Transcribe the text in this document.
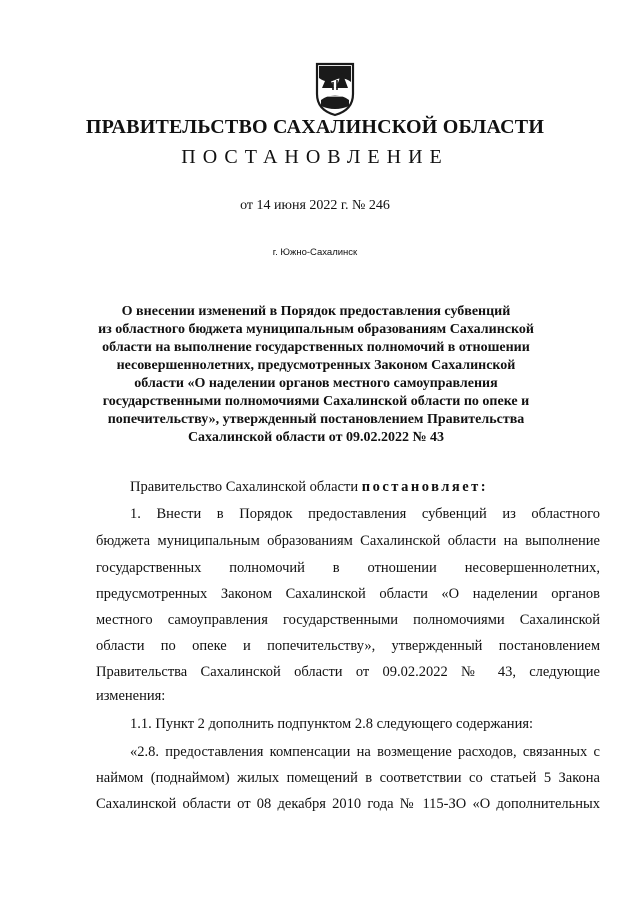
ПРАВИТЕЛЬСТВО САХАЛИНСКОЙ ОБЛАСТИ
ПОСТАНОВЛЕНИЕ
от 14 июня 2022 г. № 246
г. Южно-Сахалинск
О внесении изменений в Порядок предоставления субвенций
из областного бюджета муниципальным образованиям Сахалинской
области на выполнение государственных полномочий в отношении
несовершеннолетних, предусмотренных Законом Сахалинской
области «О наделении органов местного самоуправления
государственными полномочиями Сахалинской области по опеке и
попечительству», утвержденный постановлением Правительства
Сахалинской области от 09.02.2022 № 43
Правительство Сахалинской области постановляет:
1. Внести в Порядок предоставления субвенций из областного
бюджета муниципальным образованиям Сахалинской области на выполнение
государственных полномочий в отношении несовершеннолетних,
предусмотренных Законом Сахалинской области «О наделении органов
местного самоуправления государственными полномочиями Сахалинской
области по опеке и попечительству», утвержденный постановлением
Правительства Сахалинской области от 09.02.2022 № 43, следующие
изменения:
1.1. Пункт 2 дополнить подпунктом 2.8 следующего содержания:
«2.8. предоставления компенсации на возмещение расходов, связанных с
наймом (поднаймом) жилых помещений в соответствии со статьей 5 Закона
Сахалинской области от 08 декабря 2010 года № 115-ЗО «О дополнительных
